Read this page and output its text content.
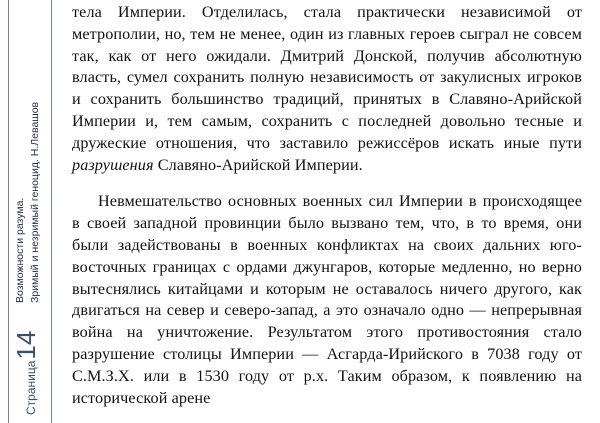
Страница14
Возможности разума. Зримый и незримый геноцид. Н.Левашов

тела Империи. Отделилась, стала практически независимой от метрополии, но, тем не менее, один из главных героев сыграл не совсем так, как от него ожидали. Дмитрий Донской, получив абсолютную власть, сумел сохранить полную независимость от закулисных игроков и сохранить большинство традиций, принятых в Славяно-Арийской Империи и, тем самым, сохранить с последней довольно тесные и дружеские отношения, что заставило режиссёров искать иные пути разрушения Славяно-Арийской Империи.

Невмешательство основных военных сил Империи в происходящее в своей западной провинции было вызвано тем, что, в то время, они были задействованы в военных конфликтах на своих дальних юго-восточных границах с ордами джунгаров, которые медленно, но верно вытеснялись китайцами и которым не оставалось ничего другого, как двигаться на север и северо-запад, а это означало одно — непрерывная война на уничтожение. Результатом этого противостояния стало разрушение столицы Империи — Асгарда-Ирийского в 7038 году от С.М.З.Х. или в 1530 году от р.х. Таким образом, к появлению на исторической арене
